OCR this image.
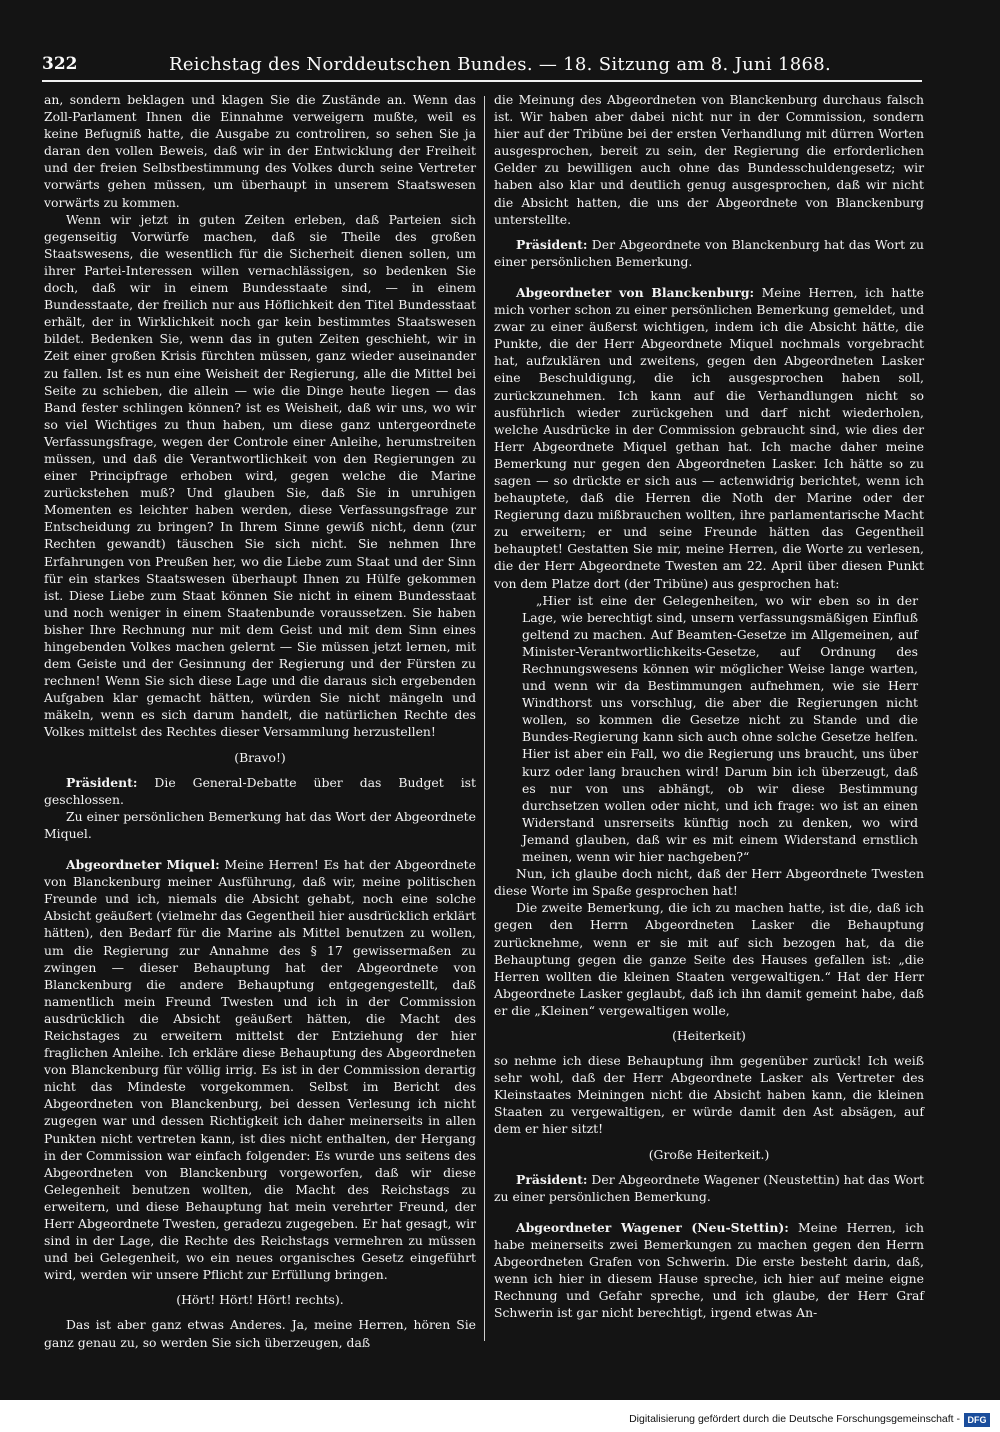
322	Reichstag des Norddeutschen Bundes. — 18. Sitzung am 8. Juni 1868.

an, sondern beklagen und klagen Sie die Zustände an. Wenn das Zoll-Parlament Ihnen die Einnahme verweigern mußte, weil es keine Befugniß hatte, die Ausgabe zu controliren, so sehen Sie ja daran den vollen Beweis, daß wir in der Entwicklung der Freiheit und der freien Selbstbestimmung des Volkes durch seine Vertreter vorwärts gehen müssen, um überhaupt in unserem Staatswesen vorwärts zu kommen.

Wenn wir jetzt in guten Zeiten erleben, daß Parteien sich gegenseitig Vorwürfe machen, daß sie Theile des großen Staatswesens, die wesentlich für die Sicherheit dienen sollen, um ihrer Partei-Interessen willen vernachlässigen, so bedenken Sie doch, daß wir in einem Bundesstaate sind, — in einem Bundesstaate, der freilich nur aus Höflichkeit den Titel Bundesstaat erhält, der in Wirklichkeit noch gar kein bestimmtes Staatswesen bildet. Bedenken Sie, wenn das in guten Zeiten geschieht, wir in Zeit einer großen Krisis fürchten müssen, ganz wieder auseinander zu fallen. Ist es nun eine Weisheit der Regierung, alle die Mittel bei Seite zu schieben, die allein — wie die Dinge heute liegen — das Band fester schlingen können? ist es Weisheit, daß wir uns, wo wir so viel Wichtiges zu thun haben, um diese ganz untergeordnete Verfassungsfrage, wegen der Controle einer Anleihe, herumstreiten müssen, und daß die Verantwortlichkeit von den Regierungen zu einer Principfrage erhoben wird, gegen welche die Marine zurückstehen muß? Und glauben Sie, daß Sie in unruhigen Momenten es leichter haben werden, diese Verfassungsfrage zur Entscheidung zu bringen? In Ihrem Sinne gewiß nicht, denn (zur Rechten gewandt) täuschen Sie sich nicht. Sie nehmen Ihre Erfahrungen von Preußen her, wo die Liebe zum Staat und der Sinn für ein starkes Staatswesen überhaupt Ihnen zu Hülfe gekommen ist. Diese Liebe zum Staat können Sie nicht in einem Bundesstaat und noch weniger in einem Staatenbunde voraussetzen. Sie haben bisher Ihre Rechnung nur mit dem Geist und mit dem Sinn eines hingebenden Volkes machen gelernt — Sie müssen jetzt lernen, mit dem Geiste und der Gesinnung der Regierung und der Fürsten zu rechnen! Wenn Sie sich diese Lage und die daraus sich ergebenden Aufgaben klar gemacht hätten, würden Sie nicht mängeln und mäkeln, wenn es sich darum handelt, die natürlichen Rechte des Volkes mittelst des Rechtes dieser Versammlung herzustellen!

(Bravo!)

Präsident: Die General-Debatte über das Budget ist geschlossen.

Zu einer persönlichen Bemerkung hat das Wort der Abgeordnete Miquel.

Abgeordneter Miquel: Meine Herren! Es hat der Abgeordnete von Blanckenburg meiner Ausführung, daß wir, meine politischen Freunde und ich, niemals die Absicht gehabt, noch eine solche Absicht geäußert (vielmehr das Gegentheil hier ausdrücklich erklärt hätten), den Bedarf für die Marine als Mittel benutzen zu wollen, um die Regierung zur Annahme des § 17 gewissermaßen zu zwingen — dieser Behauptung hat der Abgeordnete von Blanckenburg die andere Behauptung entgegengestellt, daß namentlich mein Freund Twesten und ich in der Commission ausdrücklich die Absicht geäußert hätten, die Macht des Reichstages zu erweitern mittelst der Entziehung der hier fraglichen Anleihe. Ich erkläre diese Behauptung des Abgeordneten von Blanckenburg für völlig irrig. Es ist in der Commission derartig nicht das Mindeste vorgekommen. Selbst im Bericht des Abgeordneten von Blanckenburg, bei dessen Verlesung ich nicht zugegen war und dessen Richtigkeit ich daher meinerseits in allen Punkten nicht vertreten kann, ist dies nicht enthalten, der Hergang in der Commission war einfach folgender: Es wurde uns seitens des Abgeordneten von Blanckenburg vorgeworfen, daß wir diese Gelegenheit benutzen wollten, die Macht des Reichstags zu erweitern, und diese Behauptung hat mein verehrter Freund, der Herr Abgeordnete Twesten, geradezu zugegeben. Er hat gesagt, wir sind in der Lage, die Rechte des Reichstags vermehren zu müssen und bei Gelegenheit, wo ein neues organisches Gesetz eingeführt wird, werden wir unsere Pflicht zur Erfüllung bringen.

(Hört! Hört! Hört! rechts).

Das ist aber ganz etwas Anderes. Ja, meine Herren, hören Sie ganz genau zu, so werden Sie sich überzeugen, daß

die Meinung des Abgeordneten von Blanckenburg durchaus falsch ist. Wir haben aber dabei nicht nur in der Commission, sondern hier auf der Tribüne bei der ersten Verhandlung mit dürren Worten ausgesprochen, bereit zu sein, der Regierung die erforderlichen Gelder zu bewilligen auch ohne das Bundesschuldengesetz; wir haben also klar und deutlich genug ausgesprochen, daß wir nicht die Absicht hatten, die uns der Abgeordnete von Blanckenburg unterstellte.

Präsident: Der Abgeordnete von Blanckenburg hat das Wort zu einer persönlichen Bemerkung.

Abgeordneter von Blanckenburg: Meine Herren, ich hatte mich vorher schon zu einer persönlichen Bemerkung gemeldet, und zwar zu einer äußerst wichtigen, indem ich die Absicht hätte, die Punkte, die der Herr Abgeordnete Miquel nochmals vorgebracht hat, aufzuklären und zweitens, gegen den Abgeordneten Lasker eine Beschuldigung, die ich ausgesprochen haben soll, zurückzunehmen. Ich kann auf die Verhandlungen nicht so ausführlich wieder zurückgehen und darf nicht wiederholen, welche Ausdrücke in der Commission gebraucht sind, wie dies der Herr Abgeordnete Miquel gethan hat. Ich mache daher meine Bemerkung nur gegen den Abgeordneten Lasker. Ich hätte so zu sagen — so drückte er sich aus — actenwidrig berichtet, wenn ich behauptete, daß die Herren die Noth der Marine oder der Regierung dazu mißbrauchen wollten, ihre parlamentarische Macht zu erweitern; er und seine Freunde hätten das Gegentheil behauptet! Gestatten Sie mir, meine Herren, die Worte zu verlesen, die der Herr Abgeordnete Twesten am 22. April über diesen Punkt von dem Platze dort (der Tribüne) aus gesprochen hat:

„Hier ist eine der Gelegenheiten, wo wir eben so in der Lage, wie berechtigt sind, unsern verfassungsmäßigen Einfluß geltend zu machen. Auf Beamten-Gesetze im Allgemeinen, auf Minister-Verantwortlichkeits-Gesetze, auf Ordnung des Rechnungswesens können wir möglicher Weise lange warten, und wenn wir da Bestimmungen aufnehmen, wie sie Herr Windthorst uns vorschlug, die aber die Regierungen nicht wollen, so kommen die Gesetze nicht zu Stande und die Bundes-Regierung kann sich auch ohne solche Gesetze helfen. Hier ist aber ein Fall, wo die Regierung uns braucht, uns über kurz oder lang brauchen wird! Darum bin ich überzeugt, daß es nur von uns abhängt, ob wir diese Bestimmung durchsetzen wollen oder nicht, und ich frage: wo ist an einen Widerstand unsrerseits künftig noch zu denken, wo wird Jemand glauben, daß wir es mit einem Widerstand ernstlich meinen, wenn wir hier nachgeben?“

Nun, ich glaube doch nicht, daß der Herr Abgeordnete Twesten diese Worte im Spaße gesprochen hat!

Die zweite Bemerkung, die ich zu machen hatte, ist die, daß ich gegen den Herrn Abgeordneten Lasker die Behauptung zurücknehme, wenn er sie mit auf sich bezogen hat, da die Behauptung gegen die ganze Seite des Hauses gefallen ist: „die Herren wollten die kleinen Staaten vergewaltigen.“ Hat der Herr Abgeordnete Lasker geglaubt, daß ich ihn damit gemeint habe, daß er die „Kleinen“ vergewaltigen wolle,

(Heiterkeit)

so nehme ich diese Behauptung ihm gegenüber zurück! Ich weiß sehr wohl, daß der Herr Abgeordnete Lasker als Vertreter des Kleinstaates Meiningen nicht die Absicht haben kann, die kleinen Staaten zu vergewaltigen, er würde damit den Ast absägen, auf dem er hier sitzt!

(Große Heiterkeit.)

Präsident: Der Abgeordnete Wagener (Neustettin) hat das Wort zu einer persönlichen Bemerkung.

Abgeordneter Wagener (Neu-Stettin): Meine Herren, ich habe meinerseits zwei Bemerkungen zu machen gegen den Herrn Abgeordneten Grafen von Schwerin. Die erste besteht darin, daß, wenn ich hier in diesem Hause spreche, ich hier auf meine eigne Rechnung und Gefahr spreche, und ich glaube, der Herr Graf Schwerin ist gar nicht berechtigt, irgend etwas An-

Digitalisierung gefördert durch die Deutsche Forschungsgemeinschaft - DFG
